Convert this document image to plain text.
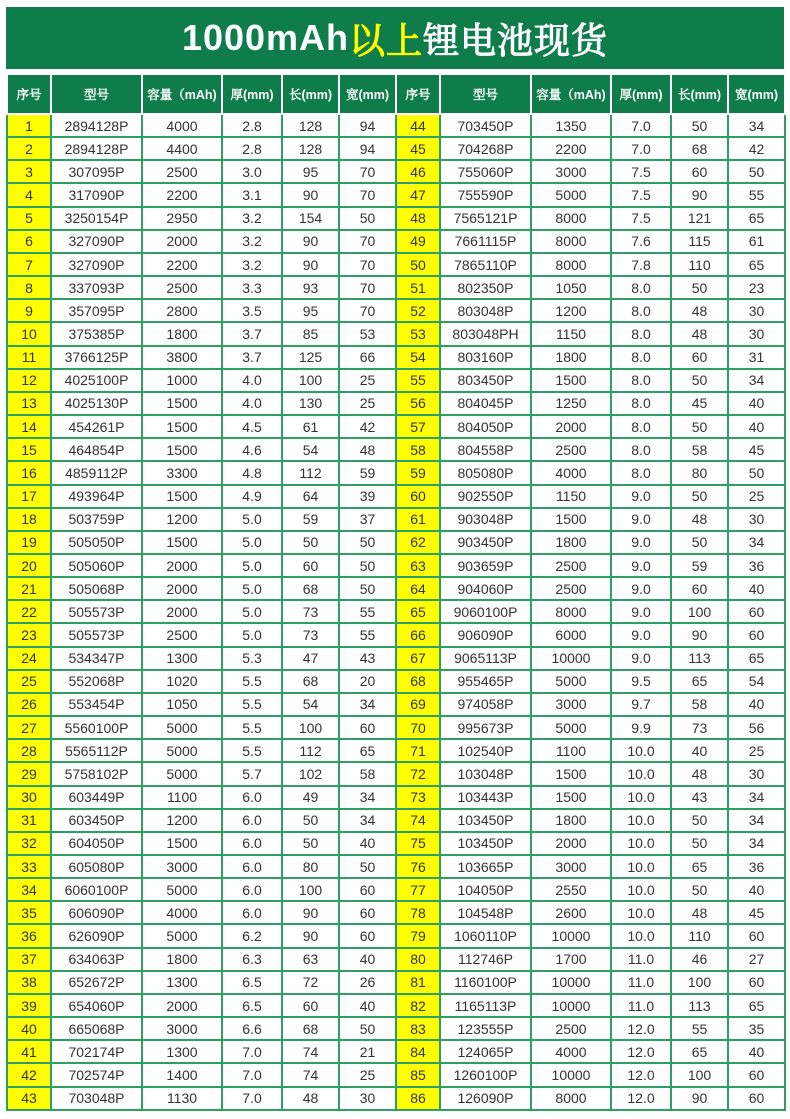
1000mAh 以上 锂电池现货
序号	型号	容量（mAh)	厚(mm)	长(mm)	宽(mm)	序号	型号	容量（mAh)	厚(mm)	长(mm)	宽(mm)
1	2894128P	4000	2.8	128	94	44	703450P	1350	7.0	50	34
2	2894128P	4400	2.8	128	94	45	704268P	2200	7.0	68	42
3	307095P	2500	3.0	95	70	46	755060P	3000	7.5	60	50
4	317090P	2200	3.1	90	70	47	755590P	5000	7.5	90	55
5	3250154P	2950	3.2	154	50	48	7565121P	8000	7.5	121	65
6	327090P	2000	3.2	90	70	49	7661115P	8000	7.6	115	61
7	327090P	2200	3.2	90	70	50	7865110P	8000	7.8	110	65
8	337093P	2500	3.3	93	70	51	802350P	1050	8.0	50	23
9	357095P	2800	3.5	95	70	52	803048P	1200	8.0	48	30
10	375385P	1800	3.7	85	53	53	803048PH	1150	8.0	48	30
11	3766125P	3800	3.7	125	66	54	803160P	1800	8.0	60	31
12	4025100P	1000	4.0	100	25	55	803450P	1500	8.0	50	34
13	4025130P	1500	4.0	130	25	56	804045P	1250	8.0	45	40
14	454261P	1500	4.5	61	42	57	804050P	2000	8.0	50	40
15	464854P	1500	4.6	54	48	58	804558P	2500	8.0	58	45
16	4859112P	3300	4.8	112	59	59	805080P	4000	8.0	80	50
17	493964P	1500	4.9	64	39	60	902550P	1150	9.0	50	25
18	503759P	1200	5.0	59	37	61	903048P	1500	9.0	48	30
19	505050P	1500	5.0	50	50	62	903450P	1800	9.0	50	34
20	505060P	2000	5.0	60	50	63	903659P	2500	9.0	59	36
21	505068P	2000	5.0	68	50	64	904060P	2500	9.0	60	40
22	505573P	2000	5.0	73	55	65	9060100P	8000	9.0	100	60
23	505573P	2500	5.0	73	55	66	906090P	6000	9.0	90	60
24	534347P	1300	5.3	47	43	67	9065113P	10000	9.0	113	65
25	552068P	1020	5.5	68	20	68	955465P	5000	9.5	65	54
26	553454P	1050	5.5	54	34	69	974058P	3000	9.7	58	40
27	5560100P	5000	5.5	100	60	70	995673P	5000	9.9	73	56
28	5565112P	5000	5.5	112	65	71	102540P	1100	10.0	40	25
29	5758102P	5000	5.7	102	58	72	103048P	1500	10.0	48	30
30	603449P	1100	6.0	49	34	73	103443P	1500	10.0	43	34
31	603450P	1200	6.0	50	34	74	103450P	1800	10.0	50	34
32	604050P	1500	6.0	50	40	75	103450P	2000	10.0	50	34
33	605080P	3000	6.0	80	50	76	103665P	3000	10.0	65	36
34	6060100P	5000	6.0	100	60	77	104050P	2550	10.0	50	40
35	606090P	4000	6.0	90	60	78	104548P	2600	10.0	48	45
36	626090P	5000	6.2	90	60	79	1060110P	10000	10.0	110	60
37	634063P	1800	6.3	63	40	80	112746P	1700	11.0	46	27
38	652672P	1300	6.5	72	26	81	1160100P	10000	11.0	100	60
39	654060P	2000	6.5	60	40	82	1165113P	10000	11.0	113	65
40	665068P	3000	6.6	68	50	83	123555P	2500	12.0	55	35
41	702174P	1300	7.0	74	21	84	124065P	4000	12.0	65	40
42	702574P	1400	7.0	74	25	85	1260100P	10000	12.0	100	60
43	703048P	1130	7.0	48	30	86	126090P	8000	12.0	90	60
